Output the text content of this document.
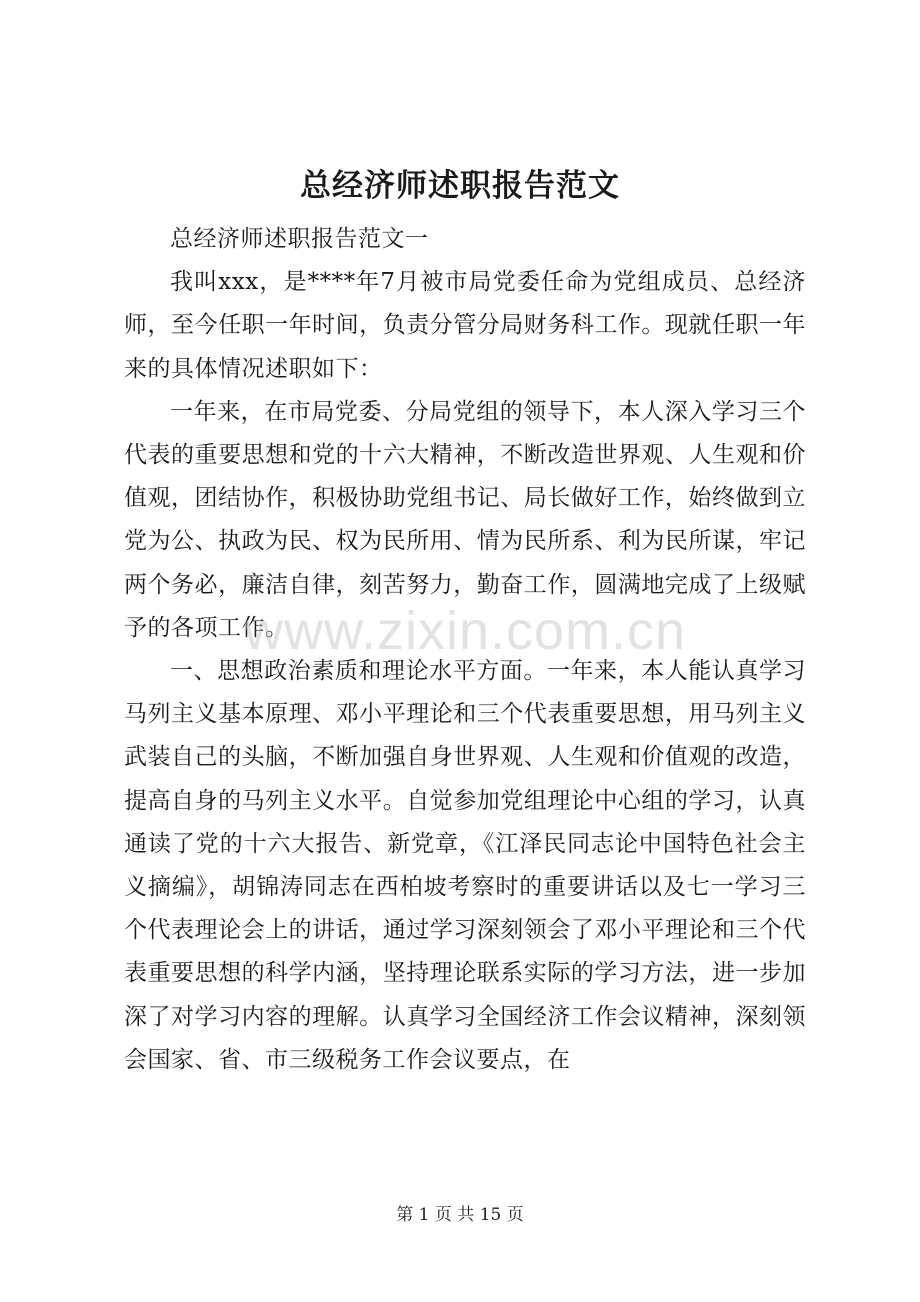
总经济师述职报告范文

总经济师述职报告范文一

我叫xxx，是****年7月被市局党委任命为党组成员、总经济师，至今任职一年时间，负责分管分局财务科工作。现就任职一年来的具体情况述职如下：

一年来，在市局党委、分局党组的领导下，本人深入学习三个代表的重要思想和党的十六大精神，不断改造世界观、人生观和价值观，团结协作，积极协助党组书记、局长做好工作，始终做到立党为公、执政为民、权为民所用、情为民所系、利为民所谋，牢记两个务必，廉洁自律，刻苦努力，勤奋工作，圆满地完成了上级赋予的各项工作。

一、思想政治素质和理论水平方面。一年来，本人能认真学习马列主义基本原理、邓小平理论和三个代表重要思想，用马列主义武装自己的头脑，不断加强自身世界观、人生观和价值观的改造，提高自身的马列主义水平。自觉参加党组理论中心组的学习，认真通读了党的十六大报告、新党章，《江泽民同志论中国特色社会主义摘编》，胡锦涛同志在西柏坡考察时的重要讲话以及七一学习三个代表理论会上的讲话，通过学习深刻领会了邓小平理论和三个代表重要思想的科学内涵，坚持理论联系实际的学习方法，进一步加深了对学习内容的理解。认真学习全国经济工作会议精神，深刻领会国家、省、市三级税务工作会议要点，在

www.zixin.com.cn
第 1 页 共 15 页
